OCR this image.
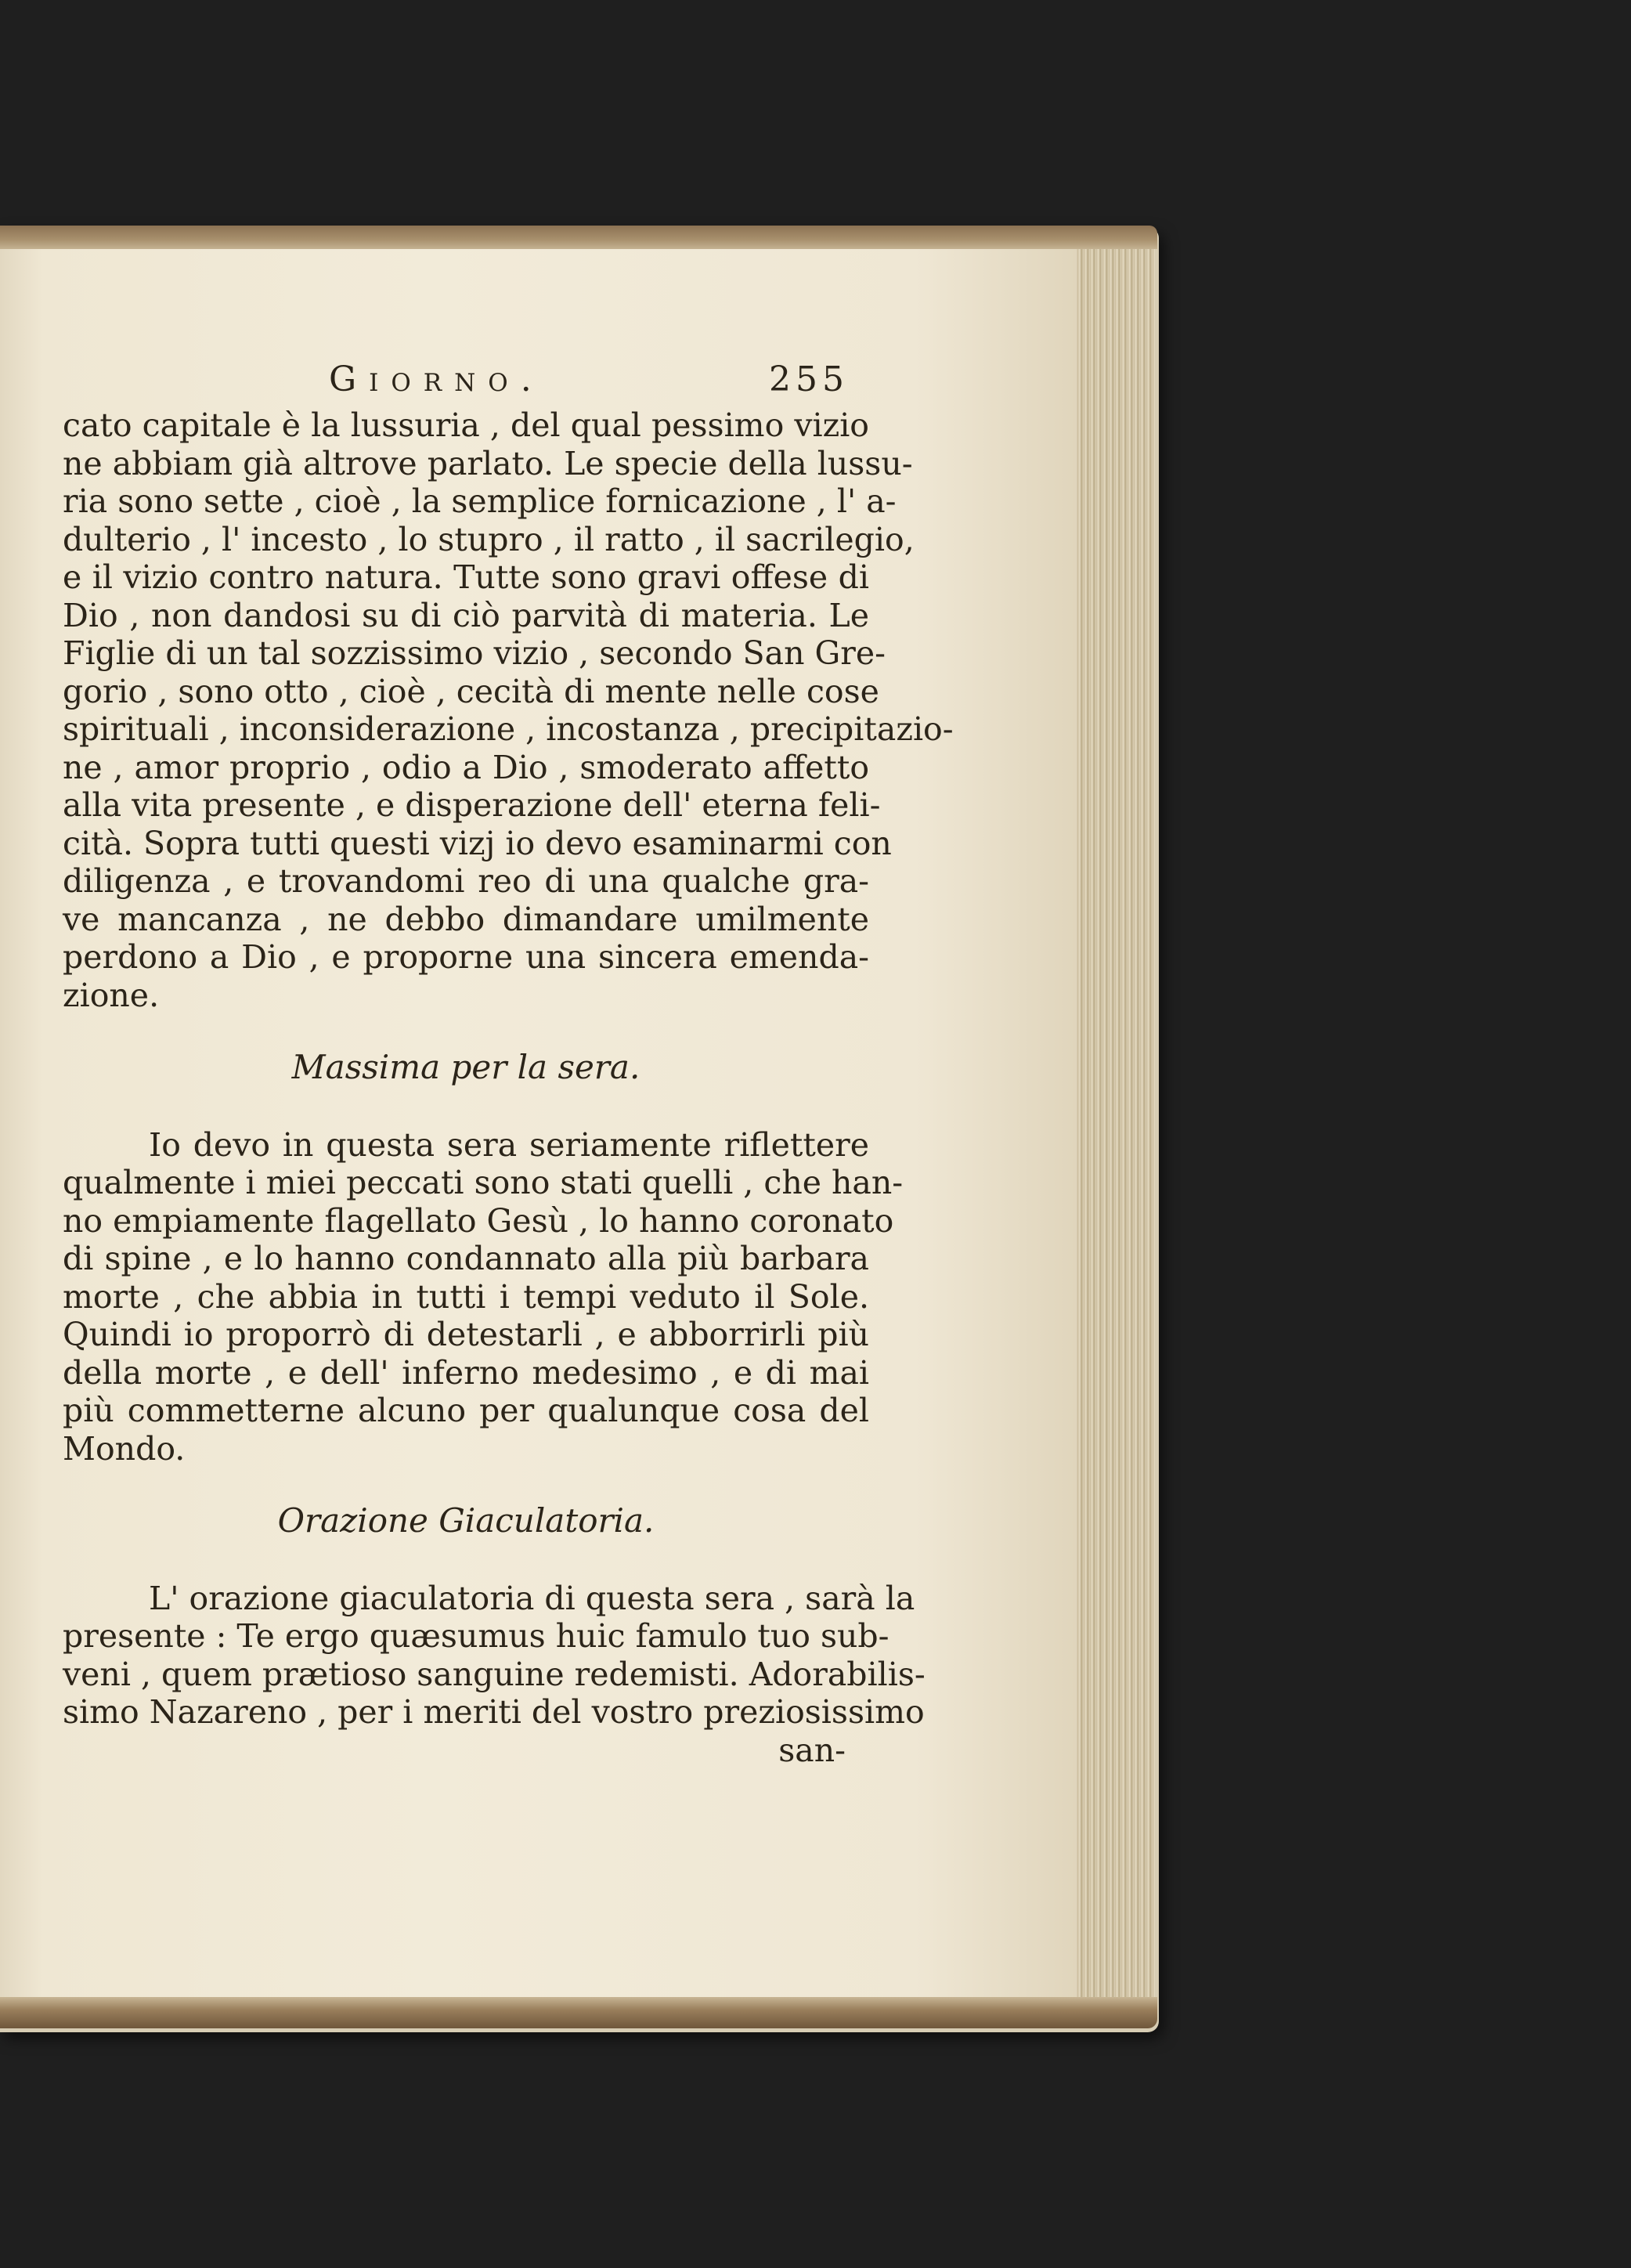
Giorno.	255
cato capitale è la lussuria , del qual pessimo vizio
ne abbiam già altrove parlato. Le specie della lussu-
ria sono sette , cioè , la semplice fornicazione , l' a-
dulterio , l' incesto , lo stupro , il ratto , il sacrilegio,
e il vizio contro natura. Tutte sono gravi offese di
Dio , non dandosi su di ciò parvità di materia. Le
Figlie di un tal sozzissimo vizio , secondo San Gre-
gorio , sono otto , cioè , cecità di mente nelle cose
spirituali , inconsiderazione , incostanza , precipitazio-
ne , amor proprio , odio a Dio , smoderato affetto
alla vita presente , e disperazione dell' eterna feli-
cità. Sopra tutti questi vizj io devo esaminarmi con
diligenza , e trovandomi reo di una qualche gra-
ve mancanza , ne debbo dimandare umilmente
perdono a Dio , e proporne una sincera emenda-
zione.
Massima per la sera.
Io devo in questa sera seriamente riflettere
qualmente i miei peccati sono stati quelli , che han-
no empiamente flagellato Gesù , lo hanno coronato
di spine , e lo hanno condannato alla più barbara
morte , che abbia in tutti i tempi veduto il Sole.
Quindi io proporrò di detestarli , e abborrirli più
della morte , e dell' inferno medesimo , e di mai
più commetterne alcuno per qualunque cosa del
Mondo.
Orazione Giaculatoria.
L' orazione giaculatoria di questa sera , sarà la
presente : Te ergo quæsumus huic famulo tuo sub-
veni , quem prætioso sanguine redemisti. Adorabilis-
simo Nazareno , per i meriti del vostro preziosissimo
san-
